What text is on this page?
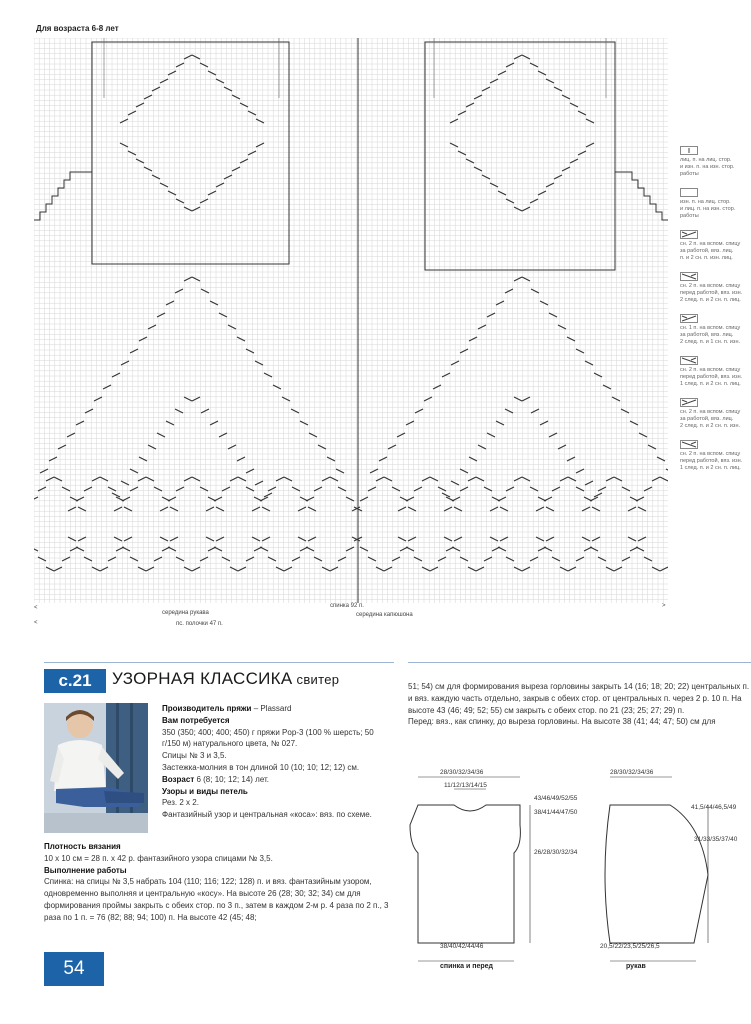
Для возраста 6-8 лет
середина рукава
пс. полочки 47 п.
спинка 92 п.
середина капюшона
<
<
>
лиц. п. на лиц. стор.
и изн. п. на изн. стор.
работы
изн. п. на лиц. стор.
и лиц. п. на изн. стор.
работы
сн. 2 п. на вспом. спицу
за работой, вяз. лиц.
п. и 2 сн. п. изн. лиц.
сн. 2 п. на вспом. спицу
перед работой, вяз. изн.
2 след. п. и 2 сн. п. лиц.
сн. 1 п. на вспом. спицу
за работой, вяз. лиц.
2 след. п. и 1 сн. п. изн.
сн. 2 п. на вспом. спицу
перед работой, вяз. изн.
1 след. п. и 2 сн. п. лиц.
сн. 2 п. на вспом. спицу
за работой, вяз. лиц.
2 след. п. и 2 сн. п. изн.
сн. 2 п. на вспом. спицу
перед работой, вяз. изн.
1 след. п. и 2 сн. п. лиц.
с.21	УЗОРНАЯ КЛАССИКА свитер
Производитель пряжи – Plassard
Вам потребуется
350 (350; 400; 400; 450) г пряжи Pop-3 (100 % шерсть; 50 г/150 м) натурального цвета, № 027.
Спицы № 3 и 3,5.
Застежка-молния в тон длиной 10 (10; 10; 12; 12) см.
Возраст 6 (8; 10; 12; 14) лет.
Узоры и виды петель
Рез. 2 х 2.
Фантазийный узор и центральная «коса»: вяз. по схеме.
Плотность вязания
10 х 10 см = 28 п. х 42 р. фантазийного узора спицами № 3,5.
Выполнение работы
Спинка: на спицы № 3,5 набрать 104 (110; 116; 122; 128) п. и вяз. фантазийным узором, одновременно выполняя и центральную «косу». На высоте 26 (28; 30; 32; 34) см для формирования проймы закрыть с обеих стор. по 3 п., затем в каждом 2-м р. 4 раза по 2 п., 3 раза по 1 п. = 76 (82; 88; 94; 100) п. На высоте 42 (45; 48;
51; 54) см для формирования выреза горловины закрыть 14 (16; 18; 20; 22) центральных п. и вяз. каждую часть отдельно, закрыв с обеих стор. от центральных п. через 2 р. 10 п. На высоте 43 (46; 49; 52; 55) см закрыть с обеих стор. по 21 (23; 25; 27; 29) п.
Перед: вяз., как спинку, до выреза горловины. На высоте 38 (41; 44; 47; 50) см для
28/30/32/34/36
11/12/13/14/15
43/46/49/52/55
38/41/44/47/50
26/28/30/32/34
38/40/42/44/46
спинка и перед
28/30/32/34/36
41,5/44/46,5/49
31/33/35/37/40
20,5/22/23,5/25/26,5
рукав
54
